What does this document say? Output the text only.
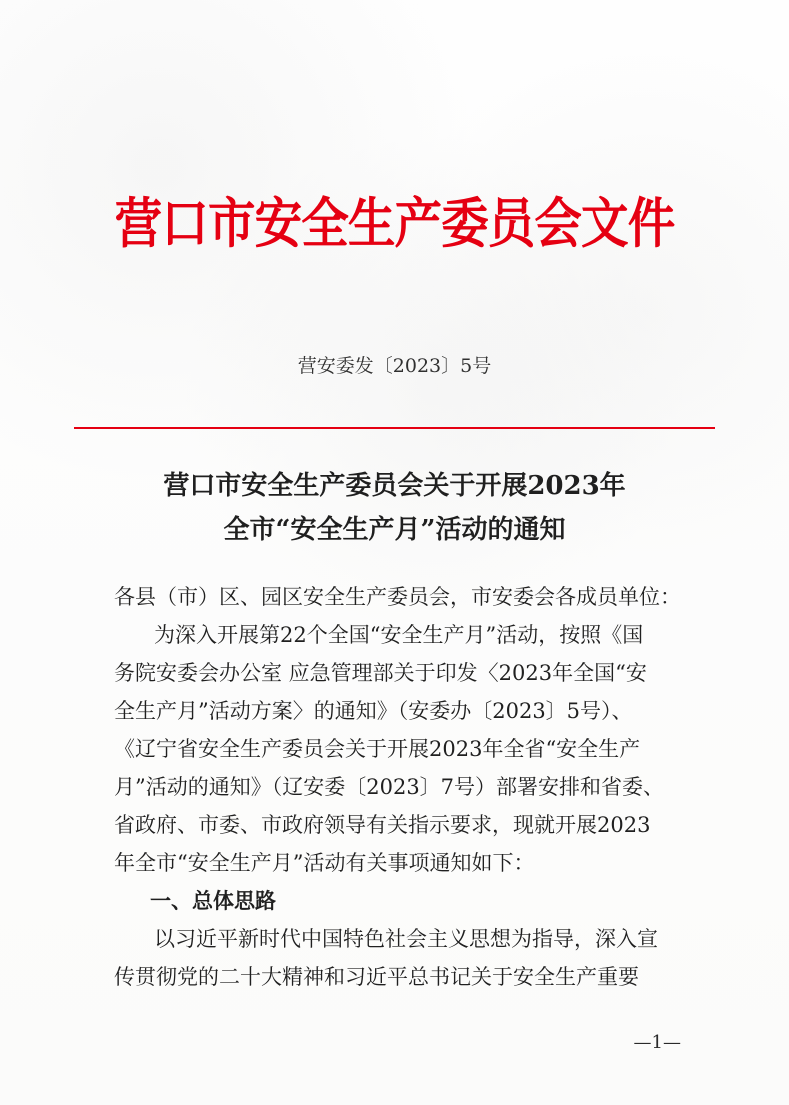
营口市安全生产委员会文件
营安委发〔2023〕5号
营口市安全生产委员会关于开展2023年
全市“安全生产月”活动的通知
各县（市）区、园区安全生产委员会，市安委会各成员单位：
为深入开展第22个全国“安全生产月”活动，按照《国
务院安委会办公室 应急管理部关于印发〈2023年全国“安
全生产月”活动方案〉的通知》（安委办〔2023〕5号）、
《辽宁省安全生产委员会关于开展2023年全省“安全生产
月”活动的通知》（辽安委〔2023〕7号）部署安排和省委、
省政府、市委、市政府领导有关指示要求，现就开展2023
年全市“安全生产月”活动有关事项通知如下：
一、总体思路
以习近平新时代中国特色社会主义思想为指导，深入宣
传贯彻党的二十大精神和习近平总书记关于安全生产重要
—1—
